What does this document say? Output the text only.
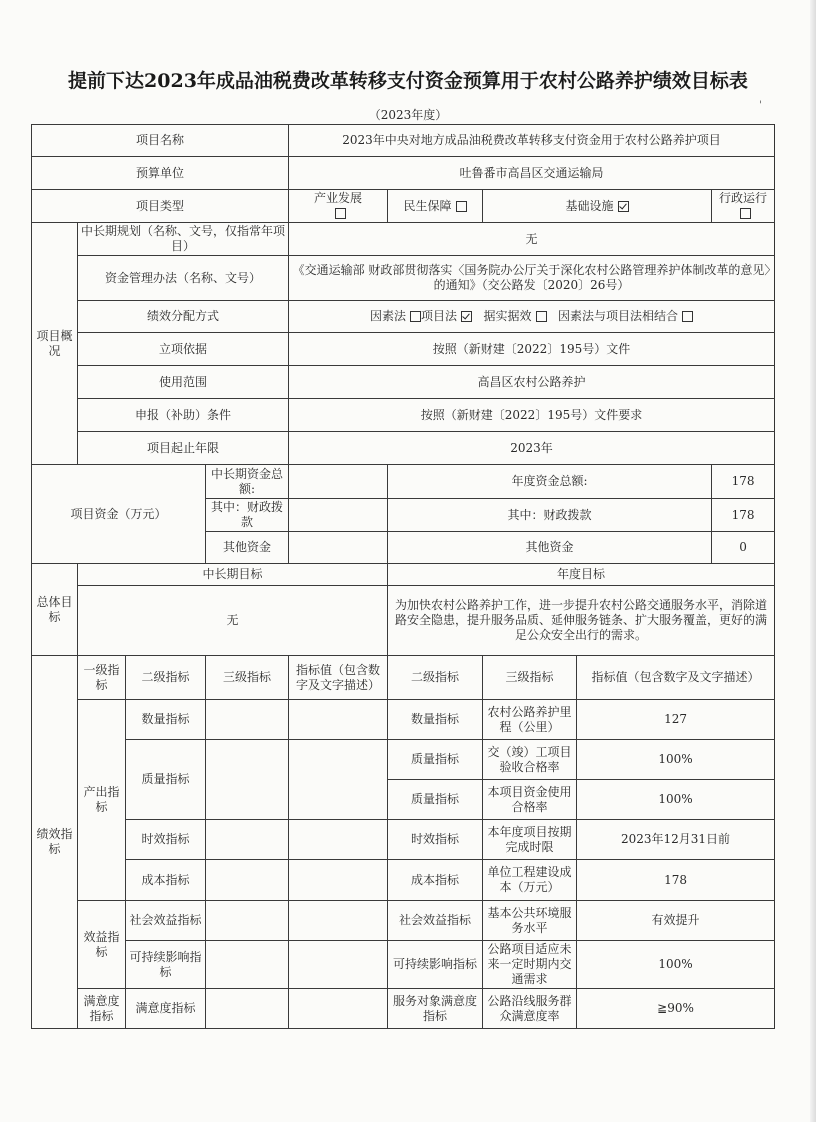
提前下达2023年成品油税费改革转移支付资金预算用于农村公路养护绩效目标表
（2023年度）
'
项目名称				2023年中央对地方成品油税费改革转移支付资金用于农村公路养护项目				
预算单位				吐鲁番市高昌区交通运输局				
项目类型				产业发展	民生保障	基础设施		行政运行
项目概况	中长期规划（名称、文号，仅指常年项目）			无				
	资金管理办法（名称、文号）			《交通运输部 财政部贯彻落实〈国务院办公厅关于深化农村公路管理养护体制改革的意见〉的通知》（交公路发〔2020〕26号）				
	绩效分配方式			因素法 项目法 据实据效 因素法与项目法相结合				
	立项依据			按照（新财建〔2022〕195号）文件				
	使用范围			高昌区农村公路养护				
	申报（补助）条件			按照（新财建〔2022〕195号）文件要求				
	项目起止年限			2023年				
项目资金（万元）			中长期资金总额:		年度资金总额:			178
			其中：财政拨款		其中：财政拨款			178
			其他资金		其他资金			0
总体目标	中长期目标				年度目标			
	无				为加快农村公路养护工作，进一步提升农村公路交通服务水平，消除道路安全隐患，提升服务品质、延伸服务链条、扩大服务覆盖，更好的满足公众安全出行的需求。			
绩效指标	一级指标	二级指标	三级指标	指标值（包含数字及文字描述）	二级指标	三级指标	指标值（包含数字及文字描述）	
	产出指标	数量指标			数量指标	农村公路养护里程（公里）	127	
		质量指标			质量指标	交（竣）工项目验收合格率	100%	
					质量指标	本项目资金使用合格率	100%	
		时效指标			时效指标	本年度项目按期完成时限	2023年12月31日前	
		成本指标			成本指标	单位工程建设成本（万元）	178	
	效益指标	社会效益指标			社会效益指标	基本公共环境服务水平	有效提升	
		可持续影响指标			可持续影响指标	公路项目适应未来一定时期内交通需求	100%	
	满意度指标	满意度指标			服务对象满意度指标	公路沿线服务群众满意度率	≧90%	
